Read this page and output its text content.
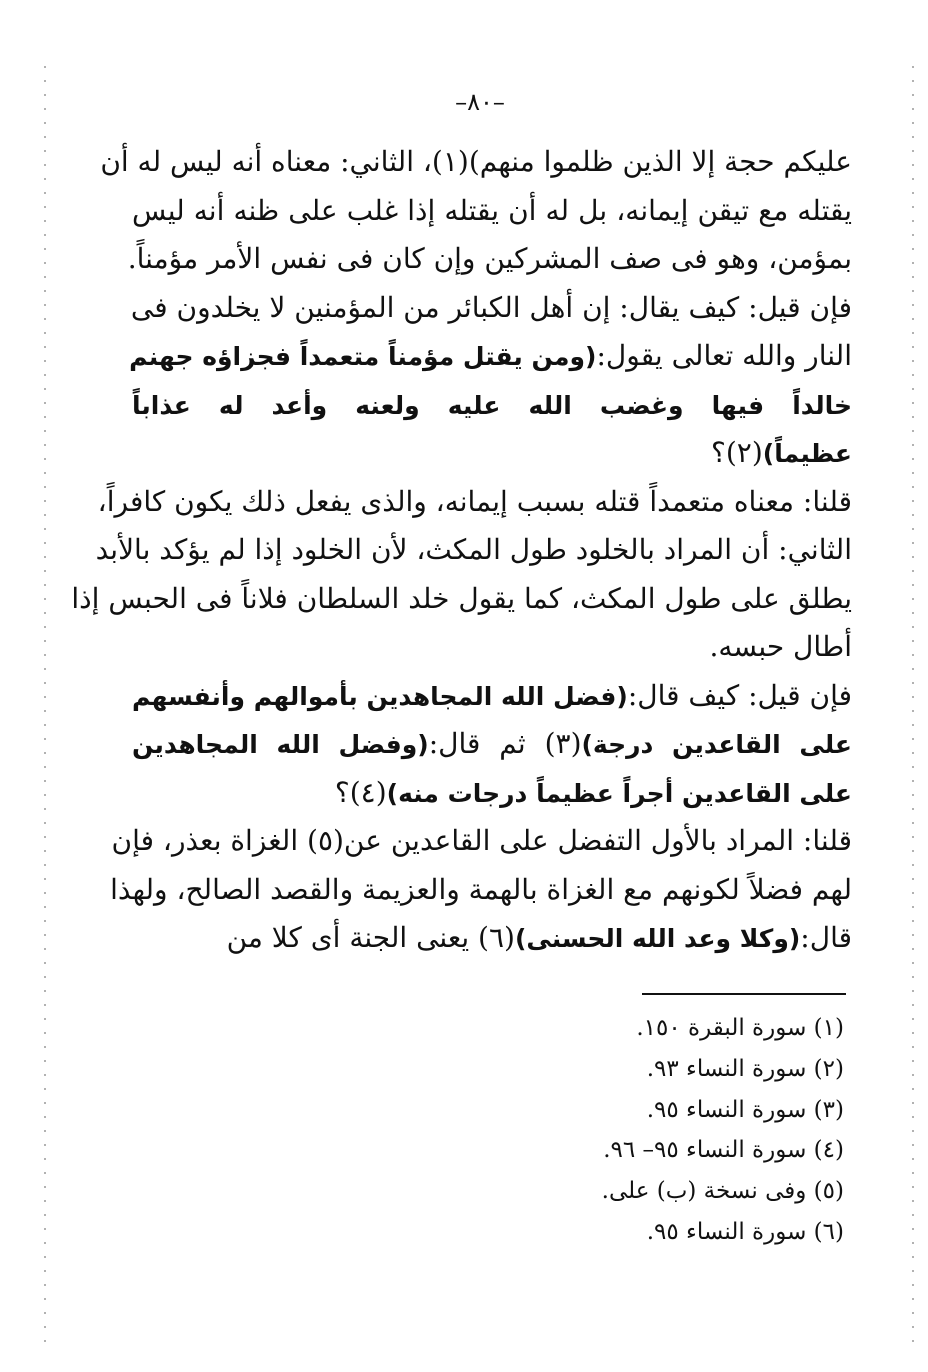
–٨٠–
عليكم حجة إلا الذين ظلموا منهم)(١)، الثاني: معناه أنه ليس له أن
يقتله مع تيقن إيمانه، بل له أن يقتله إذا غلب على ظنه أنه ليس
بمؤمن، وهو فى صف المشركين وإن كان فى نفس الأمر مؤمناً.
فإن قيل: كيف يقال: إن أهل الكبائر من المؤمنين لا يخلدون فى
النار والله تعالى يقول:(ومن يقتل مؤمناً متعمداً فجزاؤه جهنم
خالداً فيها وغضب الله عليه ولعنه وأعد له عذاباً
عظيماً)(٢)؟
قلنا: معناه متعمداً قتله بسبب إيمانه، والذى يفعل ذلك يكون كافراً،
الثاني: أن المراد بالخلود طول المكث، لأن الخلود إذا لم يؤكد بالأبد
يطلق على طول المكث، كما يقول خلد السلطان فلاناً فى الحبس إذا
أطال حبسه.
فإن قيل: كيف قال:(فضل الله المجاهدين بأموالهم وأنفسهم
على القاعدين درجة)(٣) ثم قال:(وفضل الله المجاهدين
على القاعدين أجراً عظيماً درجات منه)(٤)؟
قلنا: المراد بالأول التفضل على القاعدين عن(٥) الغزاة بعذر، فإن
لهم فضلاً لكونهم مع الغزاة بالهمة والعزيمة والقصد الصالح، ولهذا
قال:(وكلا وعد الله الحسنى)(٦) يعنى الجنة أى كلا من
(١) سورة البقرة ١٥٠.
(٢) سورة النساء ٩٣.
(٣) سورة النساء ٩٥.
(٤) سورة النساء ٩٥– ٩٦.
(٥) وفى نسخة (ب) على.
(٦) سورة النساء ٩٥.
